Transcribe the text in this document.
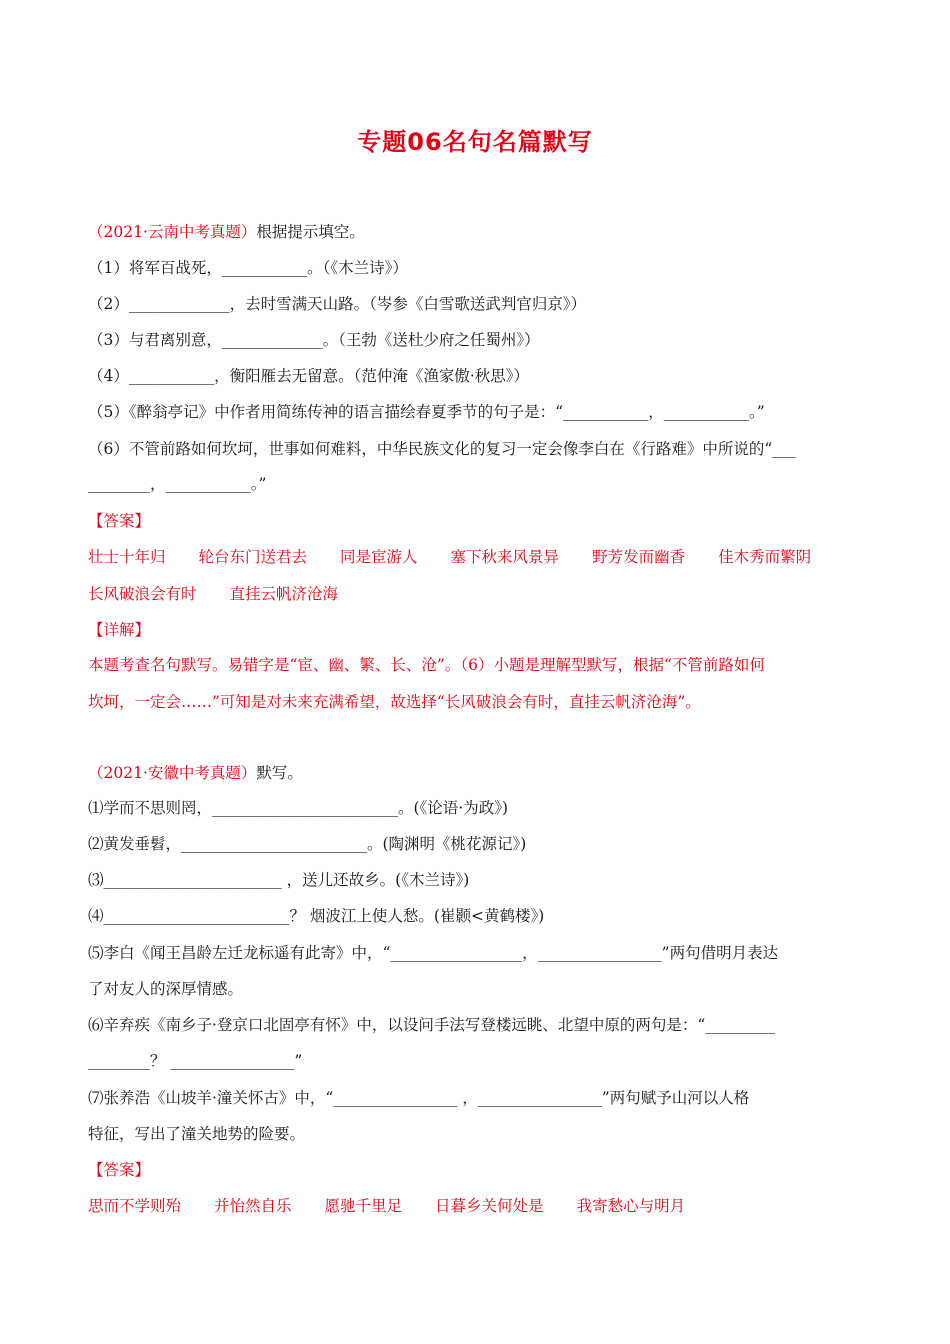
专题06名句名篇默写
（2021·云南中考真题）根据提示填空。
（1）将军百战死，___________。（《木兰诗》）
（2）_____________，去时雪满天山路。（岑参《白雪歌送武判官归京》）
（3）与君离别意，_____________。（王勃《送杜少府之任蜀州》）
（4）___________，衡阳雁去无留意。（范仲淹《渔家傲·秋思》）
（5）《醉翁亭记》中作者用简练传神的语言描绘春夏季节的句子是：“___________，___________。”
（6）不管前路如何坎坷，世事如何难料，中华民族文化的复习一定会像李白在《行路难》中所说的“___
________，___________。”
【答案】
壮士十年归 轮台东门送君去 同是宦游人 塞下秋来风景异 野芳发而幽香 佳木秀而繁阴
长风破浪会有时 直挂云帆济沧海
【详解】
本题考查名句默写。易错字是“宦、幽、繁、长、沧”。（6）小题是理解型默写，根据“不管前路如何
坎坷，一定会……”可知是对未来充满希望，故选择“长风破浪会有时，直挂云帆济沧海”。
（2021·安徽中考真题）默写。
⑴学而不思则罔，________________________。(《论语·为政》)
⑵黄发垂髫，________________________。(陶渊明《桃花源记》)
⑶_______________________ ，送儿还故乡。(《木兰诗》)
⑷________________________？ 烟波江上使人愁。(崔颢<黄鹤楼》)
⑸李白《闻王昌龄左迁龙标遥有此寄》中，“_________________，________________”两句借明月表达
了对友人的深厚情感。
⑹辛弃疾《南乡子·登京口北固亭有怀》中，以设问手法写登楼远眺、北望中原的两句是：“_________
________？ ________________”
⑺张养浩《山坡羊·潼关怀古》中，“________________ ，________________”两句赋予山河以人格
特征，写出了潼关地势的险要。
【答案】
思而不学则殆 并怡然自乐 愿驰千里足 日暮乡关何处是 我寄愁心与明月
